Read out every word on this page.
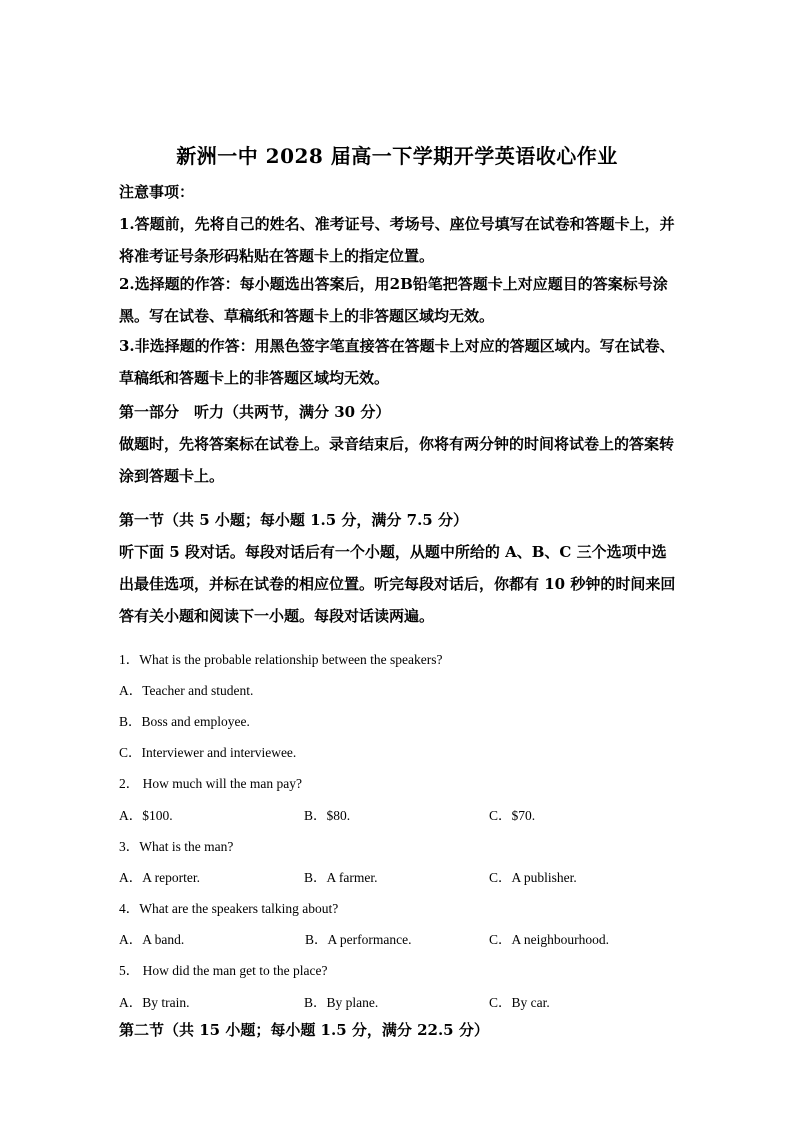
新洲一中 2028 届高一下学期开学英语收心作业
注意事项：
1.答题前，先将自己的姓名、准考证号、考场号、座位号填写在试卷和答题卡上，并将准考证号条形码粘贴在答题卡上的指定位置。
2.选择题的作答：每小题选出答案后，用2B铅笔把答题卡上对应题目的答案标号涂黑。写在试卷、草稿纸和答题卡上的非答题区域均无效。
3.非选择题的作答：用黑色签字笔直接答在答题卡上对应的答题区域内。写在试卷、草稿纸和答题卡上的非答题区域均无效。
第一部分　听力（共两节，满分 30 分）
做题时，先将答案标在试卷上。录音结束后，你将有两分钟的时间将试卷上的答案转涂到答题卡上。
第一节（共 5 小题；每小题 1.5 分，满分 7.5 分）
听下面 5 段对话。每段对话后有一个小题，从题中所给的 A、B、C 三个选项中选出最佳选项，并标在试卷的相应位置。听完每段对话后，你都有 10 秒钟的时间来回答有关小题和阅读下一小题。每段对话读两遍。
1．What is the probable relationship between the speakers?
A．Teacher and student.
B．Boss and employee.
C．Interviewer and interviewee.
2． How much will the man pay?
A．$100.	B．$80.	C．$70.
3．What is the man?
A．A reporter.	B．A farmer.	C．A publisher.
4．What are the speakers talking about?
A．A band.	B．A performance.	C．A neighbourhood.
5． How did the man get to the place?
A．By train.	B．By plane.	C．By car.
第二节（共 15 小题；每小题 1.5 分，满分 22.5 分）
